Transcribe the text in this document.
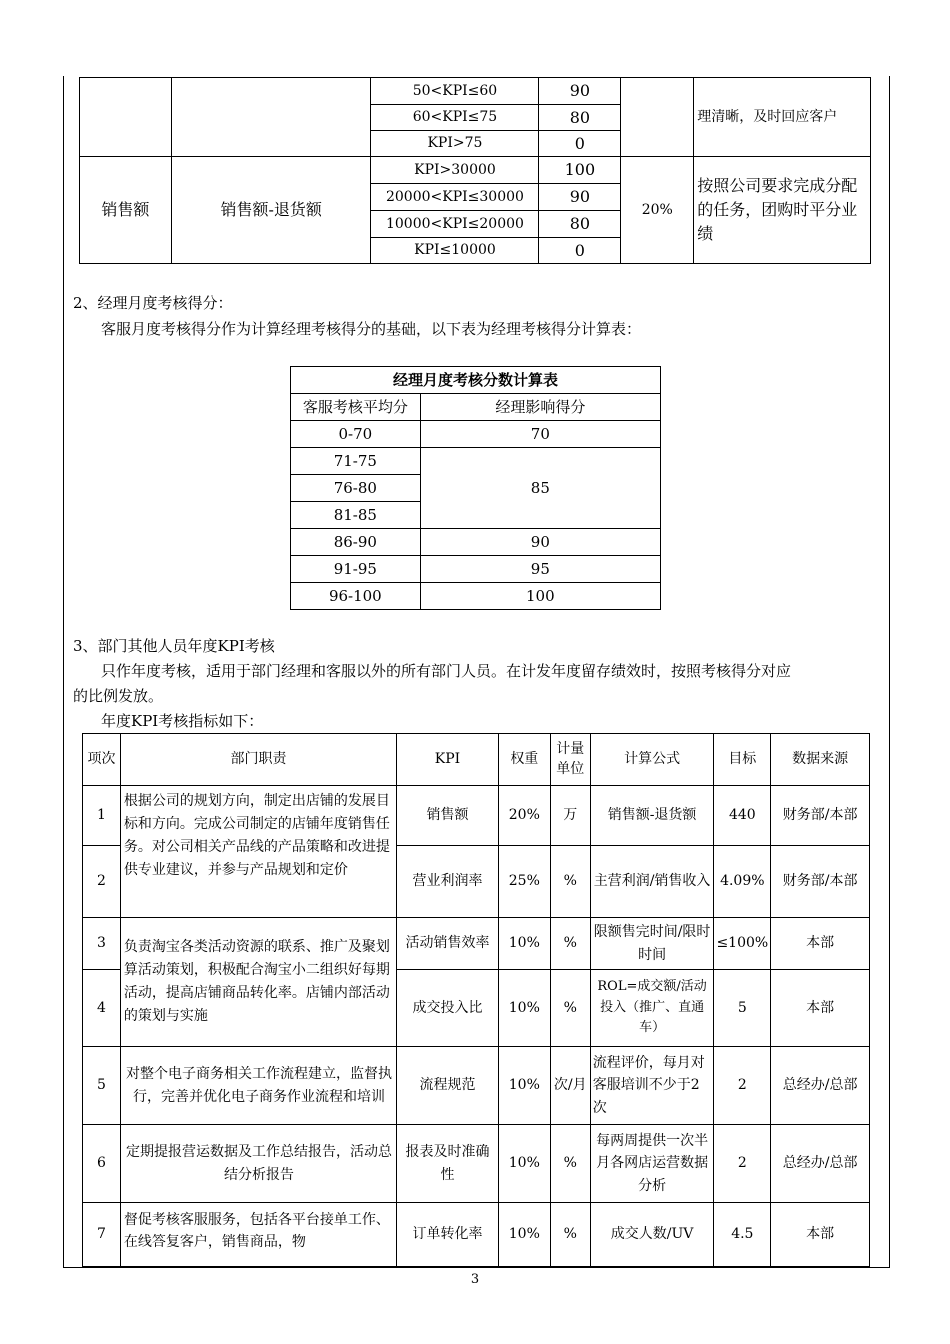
		50<KPI≤60	90		理清晰，及时回应客户
		60<KPI≤75	80		
		KPI>75	0		
销售额	销售额-退货额	KPI>30000	100	20%	按照公司要求完成分配的任务，团购时平分业绩
		20000<KPI≤30000	90		
		10000<KPI≤20000	80		
		KPI≤10000	0		
2、经理月度考核得分：
客服月度考核得分作为计算经理考核得分的基础，以下表为经理考核得分计算表：
经理月度考核分数计算表	
客服考核平均分	经理影响得分
0-70	70
71-75	85
76-80	
81-85	
86-90	90
91-95	95
96-100	100
3、部门其他人员年度KPI考核
只作年度考核，适用于部门经理和客服以外的所有部门人员。在计发年度留存绩效时，按照考核得分对应
的比例发放。
年度KPI考核指标如下：
项次	部门职责	KPI	权重	计量单位	计算公式	目标	数据来源
1	根据公司的规划方向，制定出店铺的发展目标和方向。完成公司制定的店铺年度销售任务。对公司相关产品线的产品策略和改进提供专业建议，并参与产品规划和定价	销售额	20%	万	销售额-退货额	440	财务部/本部
2		营业利润率	25%	%	主营利润/销售收入	4.09%	财务部/本部
3	负责淘宝各类活动资源的联系、推广及聚划算活动策划，积极配合淘宝小二组织好每期活动，提高店铺商品转化率。店铺内部活动的策划与实施	活动销售效率	10%	%	限额售完时间/限时时间	≤100%	本部
4		成交投入比	10%	%	ROL=成交额/活动投入（推广、直通车）	5	本部
5	对整个电子商务相关工作流程建立，监督执行，完善并优化电子商务作业流程和培训	流程规范	10%	次/月	流程评价，每月对客服培训不少于2次	2	总经办/总部
6	定期提报营运数据及工作总结报告，活动总结分析报告	报表及时准确性	10%	%	每两周提供一次半月各网店运营数据分析	2	总经办/总部
7	督促考核客服服务，包括各平台接单工作、在线答复客户，销售商品，物	订单转化率	10%	%	成交人数/UV	4.5	本部
3
